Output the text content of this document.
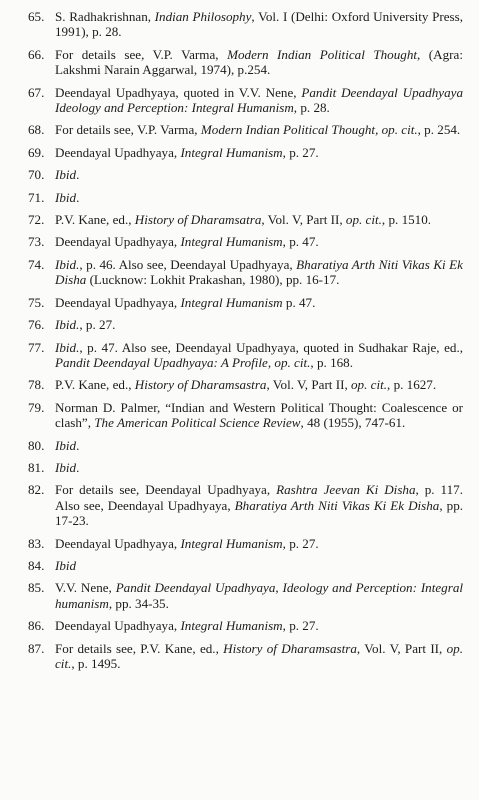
65. S. Radhakrishnan, Indian Philosophy, Vol. I (Delhi: Oxford University Press, 1991), p. 28.
66. For details see, V.P. Varma, Modern Indian Political Thought, (Agra: Lakshmi Narain Aggarwal, 1974), p.254.
67. Deendayal Upadhyaya, quoted in V.V. Nene, Pandit Deendayal Upadhyaya Ideology and Perception: Integral Humanism, p. 28.
68. For details see, V.P. Varma, Modern Indian Political Thought, op. cit., p. 254.
69. Deendayal Upadhyaya, Integral Humanism, p. 27.
70. Ibid.
71. Ibid.
72. P.V. Kane, ed., History of Dharamsatra, Vol. V, Part II, op. cit., p. 1510.
73. Deendayal Upadhyaya, Integral Humanism, p. 47.
74. Ibid., p. 46. Also see, Deendayal Upadhyaya, Bharatiya Arth Niti Vikas Ki Ek Disha (Lucknow: Lokhit Prakashan, 1980), pp. 16-17.
75. Deendayal Upadhyaya, Integral Humanism p. 47.
76. Ibid., p. 27.
77. Ibid., p. 47. Also see, Deendayal Upadhyaya, quoted in Sudhakar Raje, ed., Pandit Deendayal Upadhyaya: A Profile, op. cit., p. 168.
78. P.V. Kane, ed., History of Dharamsastra, Vol. V, Part II, op. cit., p. 1627.
79. Norman D. Palmer, “Indian and Western Political Thought: Coalescence or clash”, The American Political Science Review, 48 (1955), 747-61.
80. Ibid.
81. Ibid.
82. For details see, Deendayal Upadhyaya, Rashtra Jeevan Ki Disha, p. 117. Also see, Deendayal Upadhyaya, Bharatiya Arth Niti Vikas Ki Ek Disha, pp. 17-23.
83. Deendayal Upadhyaya, Integral Humanism, p. 27.
84. Ibid
85. V.V. Nene, Pandit Deendayal Upadhyaya, Ideology and Perception: Integral humanism, pp. 34-35.
86. Deendayal Upadhyaya, Integral Humanism, p. 27.
87. For details see, P.V. Kane, ed., History of Dharamsastra, Vol. V, Part II, op. cit., p. 1495.
